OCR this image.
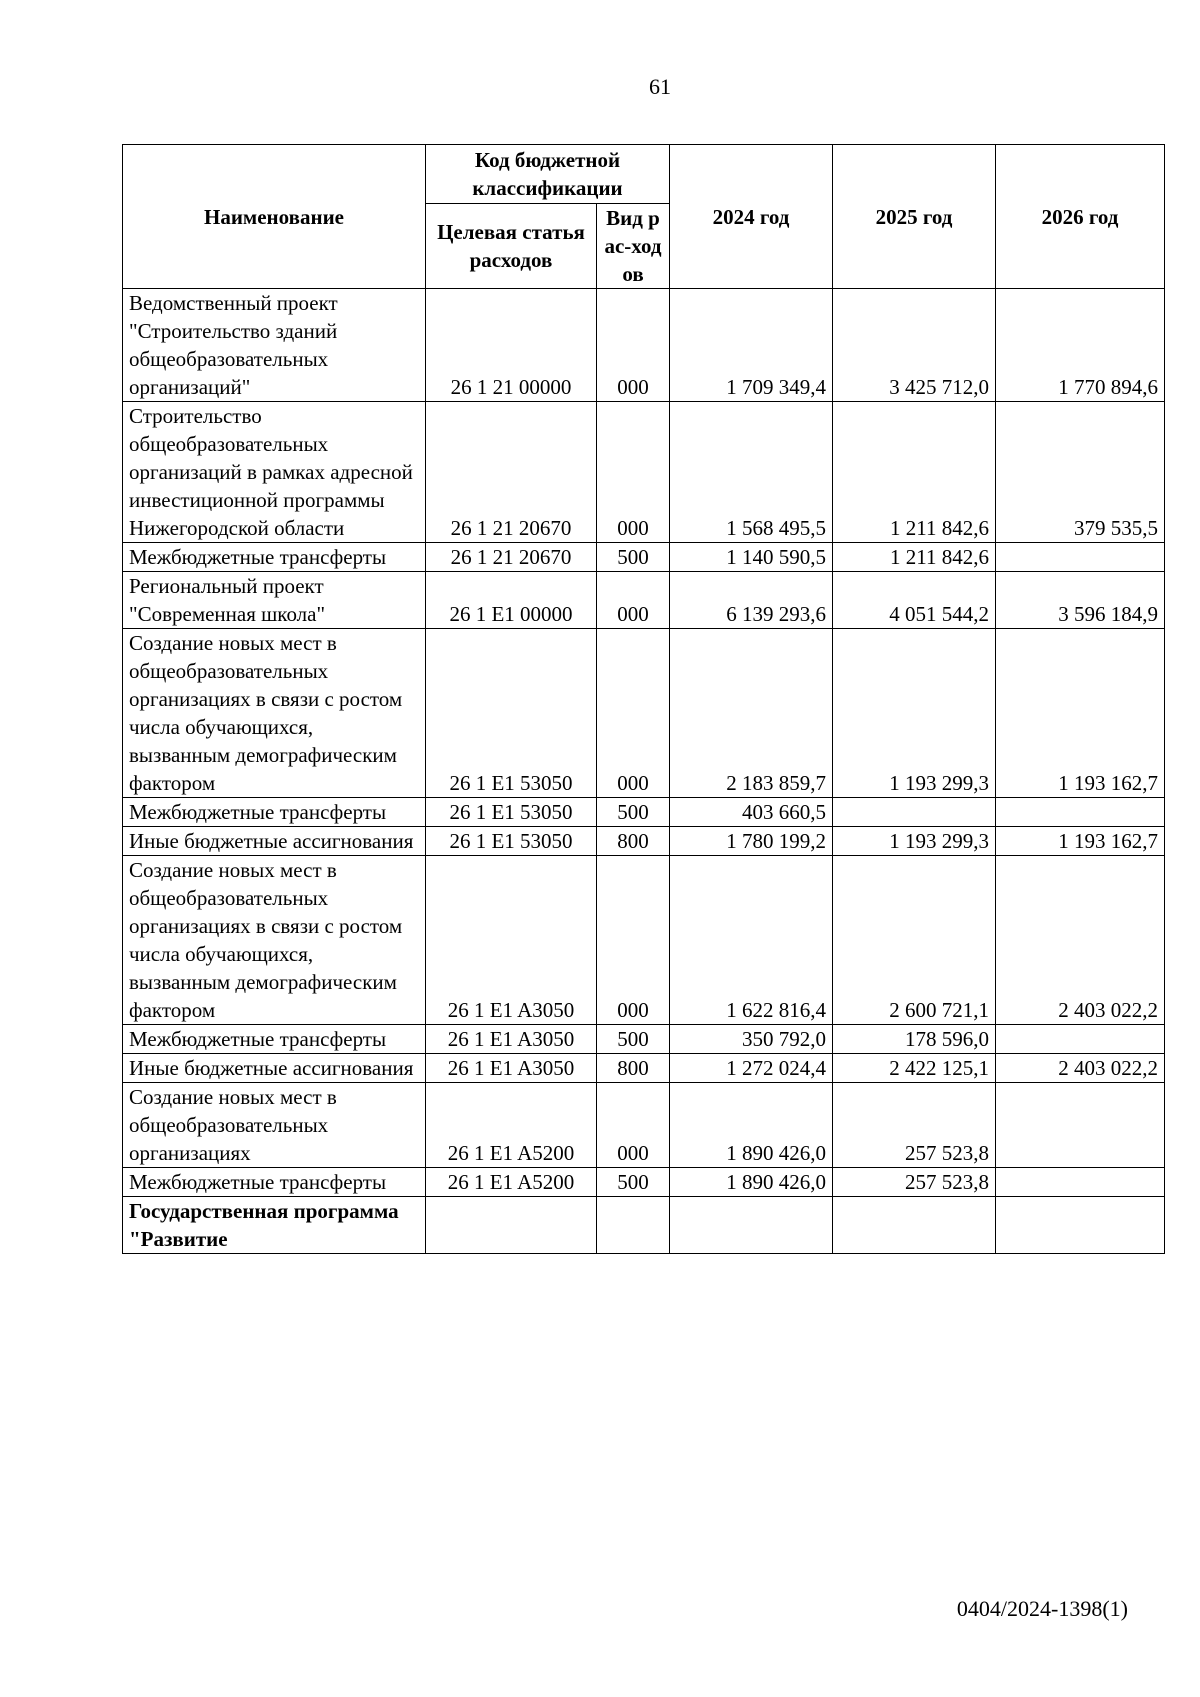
61
Наименование	Код бюджетной классификации		2024 год	2025 год	2026 год
	Целевая статья расходов	Вид рас-ходов			
Ведомственный проект "Строительство зданий общеобразовательных организаций"	26 1 21 00000	000	1 709 349,4	3 425 712,0	1 770 894,6
Строительство общеобразовательных организаций в рамках адресной инвестиционной программы Нижегородской области	26 1 21 20670	000	1 568 495,5	1 211 842,6	379 535,5
Межбюджетные трансферты	26 1 21 20670	500	1 140 590,5	1 211 842,6	
Региональный проект "Современная школа"	26 1 E1 00000	000	6 139 293,6	4 051 544,2	3 596 184,9
Создание новых мест в общеобразовательных организациях в связи с ростом числа обучающихся, вызванным демографическим фактором	26 1 E1 53050	000	2 183 859,7	1 193 299,3	1 193 162,7
Межбюджетные трансферты	26 1 E1 53050	500	403 660,5		
Иные бюджетные ассигнования	26 1 E1 53050	800	1 780 199,2	1 193 299,3	1 193 162,7
Создание новых мест в общеобразовательных организациях в связи с ростом числа обучающихся, вызванным демографическим фактором	26 1 E1 A3050	000	1 622 816,4	2 600 721,1	2 403 022,2
Межбюджетные трансферты	26 1 E1 A3050	500	350 792,0	178 596,0	
Иные бюджетные ассигнования	26 1 E1 A3050	800	1 272 024,4	2 422 125,1	2 403 022,2
Создание новых мест в общеобразовательных организациях	26 1 E1 A5200	000	1 890 426,0	257 523,8	
Межбюджетные трансферты	26 1 E1 A5200	500	1 890 426,0	257 523,8	
Государственная программа "Развитие					
0404/2024-1398(1)
